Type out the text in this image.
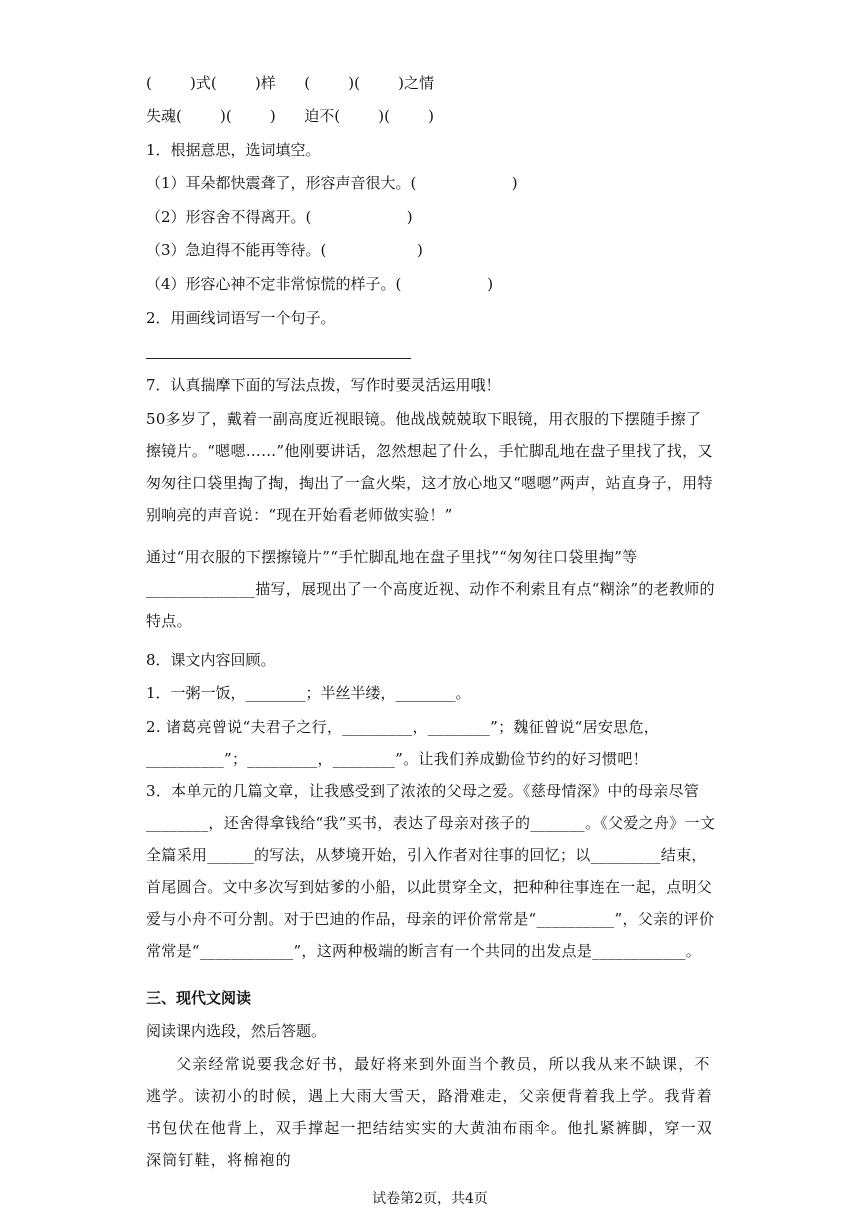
(        )式(        )样      (        )(        )之情
失魂(        )(        )      迫不(        )(        )
1．根据意思，选词填空。
（1）耳朵都快震聋了，形容声音很大。(                    )
（2）形容舍不得离开。(                    )
（3）急迫得不能再等待。(                   )
（4）形容心神不定非常惊慌的样子。(                  )
2．用画线词语写一个句子。
7．认真揣摩下面的写法点拨，写作时要灵活运用哦！
50多岁了，戴着一副高度近视眼镜。他战战兢兢取下眼镜，用衣服的下摆随手擦了擦镜片。“嗯嗯……”他刚要讲话，忽然想起了什么，手忙脚乱地在盘子里找了找，又匆匆往口袋里掏了掏，掏出了一盒火柴，这才放心地又“嗯嗯”两声，站直身子，用特别响亮的声音说：“现在开始看老师做实验！”
通过“用衣服的下摆擦镜片”“手忙脚乱地在盘子里找”“匆匆往口袋里掏”等______________描写，展现出了一个高度近视、动作不利索且有点“糊涂”的老教师的特点。
8．课文内容回顾。
1．一粥一饭，________；半丝半缕，________。
2. 诸葛亮曾说“夫君子之行，_________，________”；魏征曾说“居安思危，__________”；_________，________”。让我们养成勤俭节约的好习惯吧！
3．本单元的几篇文章，让我感受到了浓浓的父母之爱。《慈母情深》中的母亲尽管________，还舍得拿钱给“我”买书，表达了母亲对孩子的_______。《父爱之舟》一文全篇采用______的写法，从梦境开始，引入作者对往事的回忆；以_________结束，首尾圆合。文中多次写到姑爹的小船，以此贯穿全文，把种种往事连在一起，点明父爱与小舟不可分割。对于巴迪的作品，母亲的评价常常是“__________”，父亲的评价常常是“____________”，这两种极端的断言有一个共同的出发点是____________。
三、现代文阅读
阅读课内选段，然后答题。
父亲经常说要我念好书，最好将来到外面当个教员，所以我从来不缺课，不逃学。读初小的时候，遇上大雨大雪天，路滑难走，父亲便背着我上学。我背着书包伏在他背上，双手撑起一把结结实实的大黄油布雨伞。他扎紧裤脚，穿一双深筒钉鞋，将棉袍的
试卷第2页，共4页
